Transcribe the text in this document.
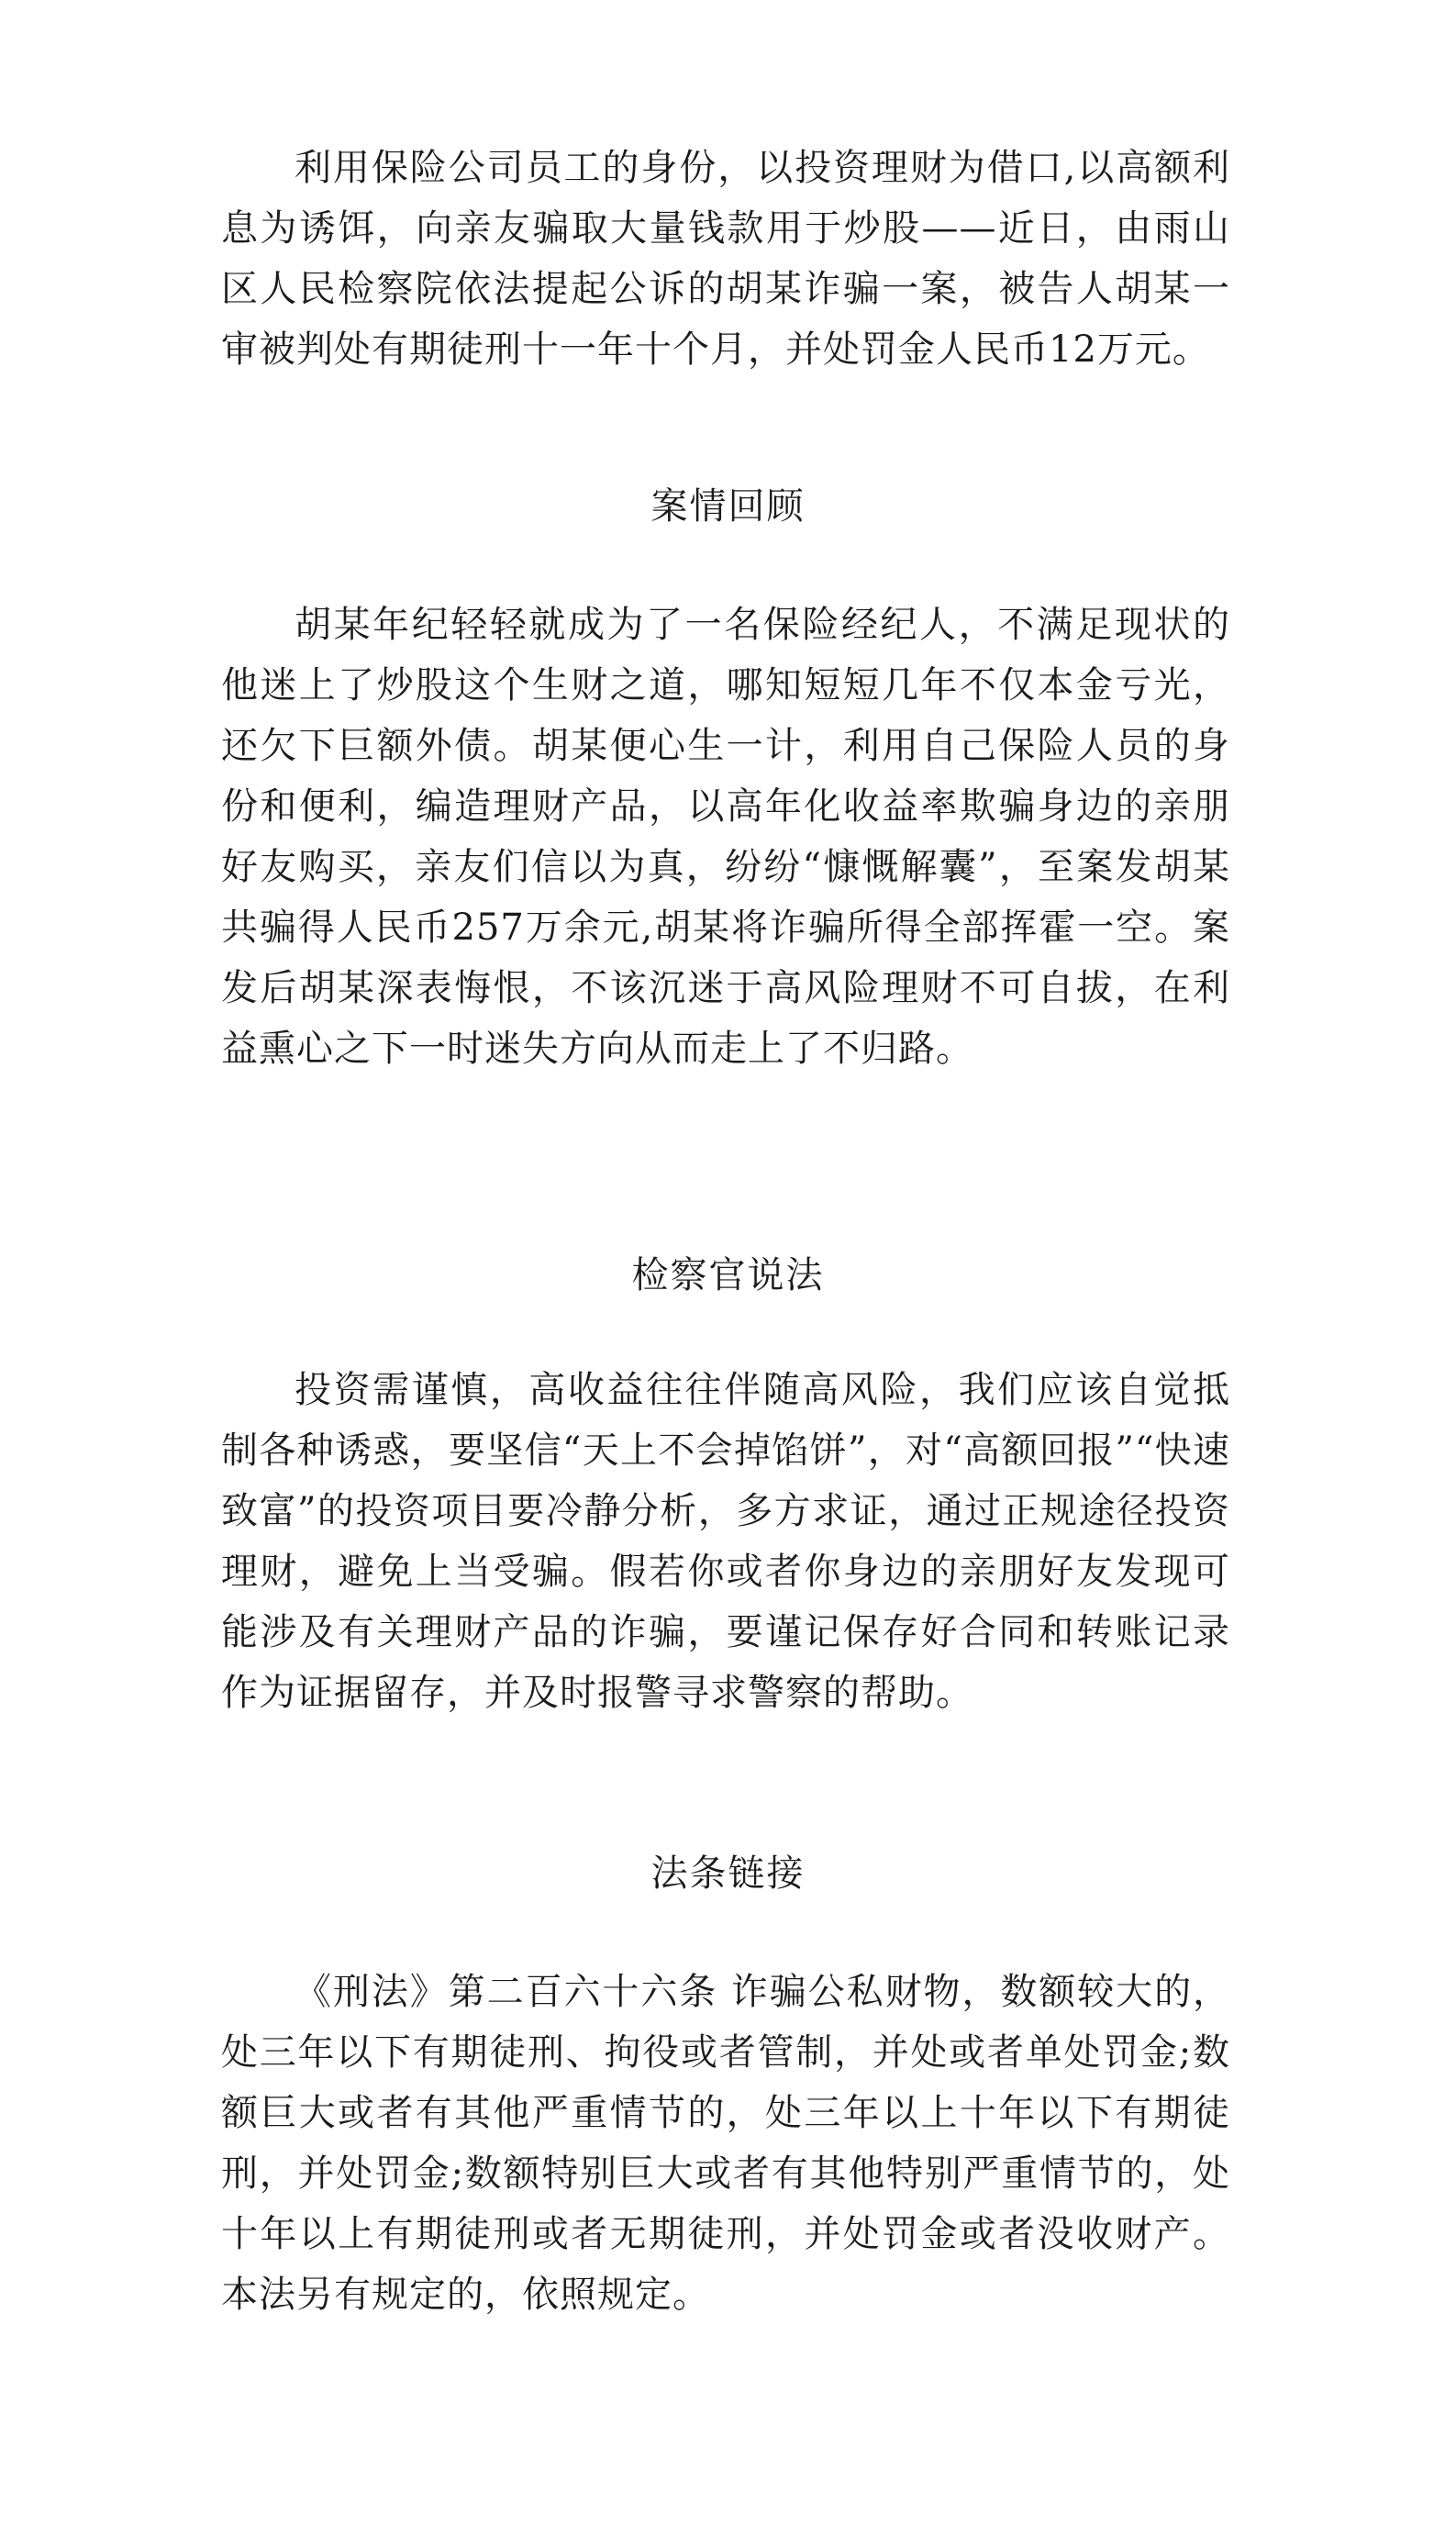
利用保险公司员工的身份，以投资理财为借口,以高额利息为诱饵，向亲友骗取大量钱款用于炒股——近日，由雨山区人民检察院依法提起公诉的胡某诈骗一案，被告人胡某一审被判处有期徒刑十一年十个月，并处罚金人民币12万元。

案情回顾

胡某年纪轻轻就成为了一名保险经纪人，不满足现状的他迷上了炒股这个生财之道，哪知短短几年不仅本金亏光，还欠下巨额外债。胡某便心生一计，利用自己保险人员的身份和便利，编造理财产品，以高年化收益率欺骗身边的亲朋好友购买，亲友们信以为真，纷纷“慷慨解囊”，至案发胡某共骗得人民币257万余元,胡某将诈骗所得全部挥霍一空。案发后胡某深表悔恨，不该沉迷于高风险理财不可自拔，在利益熏心之下一时迷失方向从而走上了不归路。

检察官说法

投资需谨慎，高收益往往伴随高风险，我们应该自觉抵制各种诱惑，要坚信“天上不会掉馅饼”，对“高额回报”“快速致富”的投资项目要冷静分析，多方求证，通过正规途径投资理财，避免上当受骗。假若你或者你身边的亲朋好友发现可能涉及有关理财产品的诈骗，要谨记保存好合同和转账记录作为证据留存，并及时报警寻求警察的帮助。

法条链接

《刑法》第二百六十六条 诈骗公私财物，数额较大的，处三年以下有期徒刑、拘役或者管制，并处或者单处罚金;数额巨大或者有其他严重情节的，处三年以上十年以下有期徒刑，并处罚金;数额特别巨大或者有其他特别严重情节的，处十年以上有期徒刑或者无期徒刑，并处罚金或者没收财产。本法另有规定的，依照规定。
